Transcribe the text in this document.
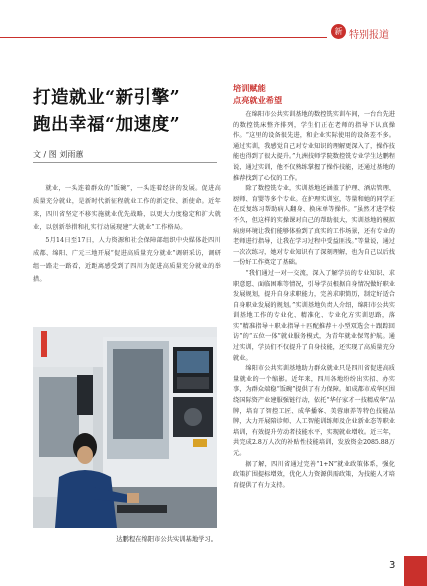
新 特别报道
打造就业“新引擎”
跑出幸福“加速度”
文 / 图 刘雨蕙

就业，一头连着群众的“饭碗”，一头连着经济的发展。促进高质量充分就业，是新时代新征程就业工作的新定位、新使命。近年来，四川省坚定不移实施就业优先战略，以更大力度稳定和扩大就业，以创新举措和扎实行动展现建“大就业”工作格局。

5月14日至17日，人力资源和社会保障部组织中央媒体赴四川成都、绵阳、广元三地开展“促进高质量充分就业”调研采访，调研组一路走一路看，近距离感受到了四川为促进高质量充分就业的举措。

达鹏程在绵阳市公共实训基地学习。
培训赋能
点亮就业希望

在绵阳市公共实训基地的数控铣实训车间，一台台先进的数控铣床整齐排列，学生们正在老师的指导下认真操作。“这里的设备很先进，和企业实际使用的设备差不多。通过实训，我感觉自己对专业知识的理解更深入了，操作技能也得到了很大提升。”九洲技师学院数控铣专业学生达鹏程说，通过实训，他不仅熟练掌握了操作技能，还通过基地的推荐找到了心仪的工作。

除了数控铣专业，实训基地还涵盖了护理、酒店管理、厨师、育婴等多个专业。在护理实训室，等量和她的同学正在反复练习帮助病人翻身、换床单等操作。“虽然才进学校不久，但这样的实操课对自己的帮助很大，实训基地的模拟病房环境让我们能够体验到了真实的工作场景，还有专业的老师进行指导，让我在学习过程中受益匪浅。”等量说，通过一次次练习，她对专业知识有了深刻理解，也为自己以后找一份好工作奠定了基础。

“我们通过一对一交流，深入了解学员的专业知识、求职意愿、面临困难等情况，引导学员根据自身情况做好职业发展规划，提升自身求职能力，完善求职简历，制定好适合自身职业发展的规划。”实训基地负责人介绍，绵阳市公共实训基地工作的专业化、精准化、专业化方实训思路，落实“精准指导＋职业指导＋匹配推荐＋小型双选会＋跟踪回访”的“五位一体”就业服务模式，为青年就业保驾护航。通过实训，学员们不仅提升了自身技能，还实现了高质量充分就业。

绵阳市公共实训基地助力群众就业只是四川省促进高质量就业的一个缩影。近年来，四川各地纷纷出实招、办实事，为群众端稳“饭碗”提供了有力保障。如成都市成华区围绕国际资产业建服强链行动，依托“华仔家才一技精成华”品牌，培育了智控工匠、成华播客、美蓉康养等特色技能品牌，大力开展陪诊师、人工智能训练师及企业新业态等职业培训，有效提升劳动者技能水平，实现就业增收。近三年，共完成2.8万人次的补贴性技能培训，发放资金2085.88万元。

据了解，四川省通过完善“1+N”就业政策体系，强化政策扩围提标增效，优化人力资源供需政策，为技能人才培育提供了有力支持。

3
